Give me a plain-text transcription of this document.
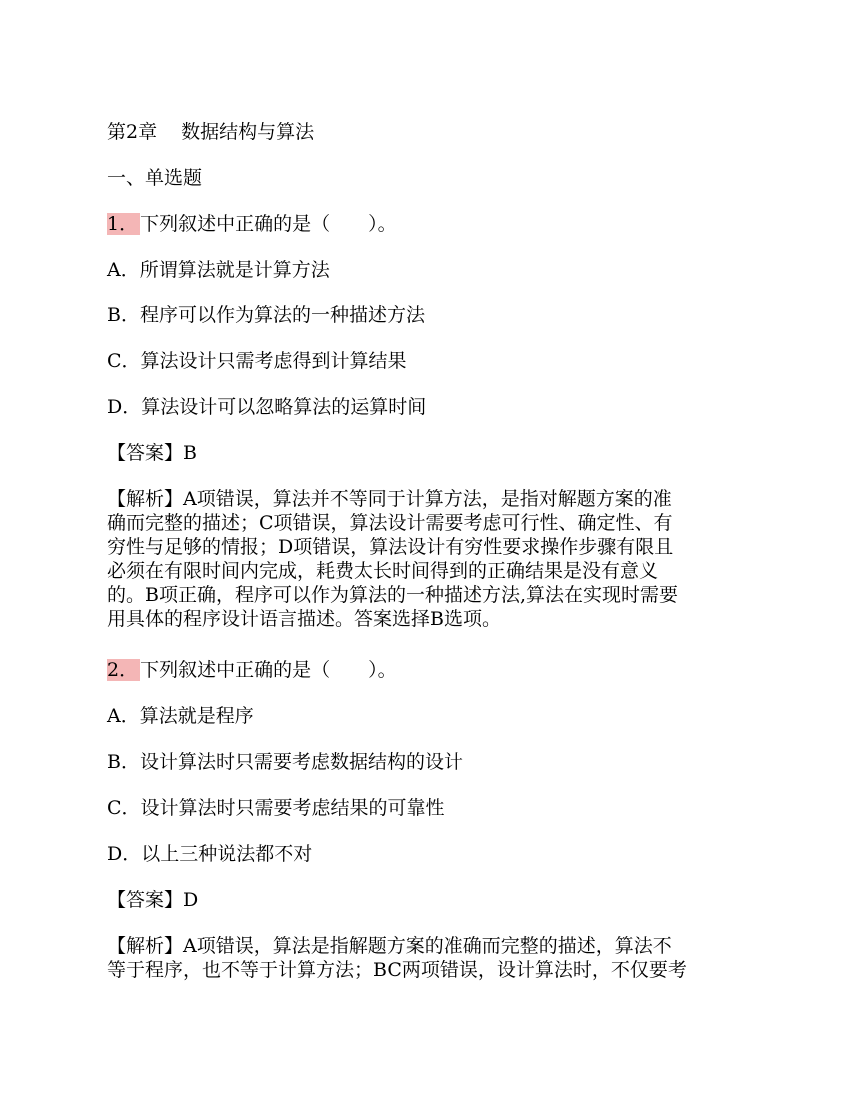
第2章 数据结构与算法
一、单选题
1． 下列叙述中正确的是（　　）。
A．所谓算法就是计算方法
B．程序可以作为算法的一种描述方法
C．算法设计只需考虑得到计算结果
D．算法设计可以忽略算法的运算时间
【答案】B
【解析】A项错误，算法并不等同于计算方法，是指对解题方案的准
确而完整的描述；C项错误，算法设计需要考虑可行性、确定性、有
穷性与足够的情报；D项错误，算法设计有穷性要求操作步骤有限且
必须在有限时间内完成，耗费太长时间得到的正确结果是没有意义
的。B项正确，程序可以作为算法的一种描述方法,算法在实现时需要
用具体的程序设计语言描述。答案选择B选项。
2． 下列叙述中正确的是（　　）。
A．算法就是程序
B．设计算法时只需要考虑数据结构的设计
C．设计算法时只需要考虑结果的可靠性
D．以上三种说法都不对
【答案】D
【解析】A项错误，算法是指解题方案的准确而完整的描述，算法不
等于程序，也不等于计算方法；BC两项错误，设计算法时，不仅要考
